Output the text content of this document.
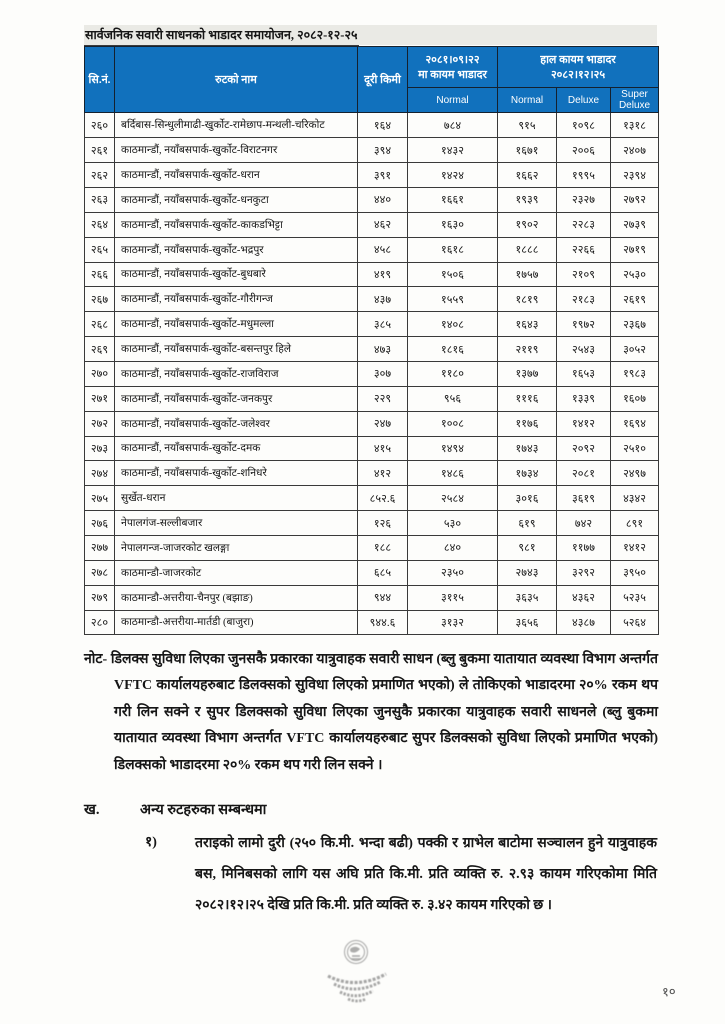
सार्वजनिक सवारी साधनको भाडादर समायोजन, २०८२-१२-२५
सि.नं.	रुटको नाम	दूरी किमी	
२०८१।०९।२२
मा कायम भाडादर

हाल कायम भाडादर
२०८२।१२।२५

			Normal	Normal	Deluxe	Super Deluxe
२६०	बर्दिबास-सिन्धुलीमाढी-खुर्कोट-रामेछाप-मन्थली-चरिकोट	१६४	७८४	९१५	१०९८	१३१८
२६१	काठमान्डौं, नयाँबसपार्क-खुर्कोट-विराटनगर	३९४	१४३२	१६७१	२००६	२४०७
२६२	काठमान्डौं, नयाँबसपार्क-खुर्कोट-धरान	३९१	१४२४	१६६२	१९९५	२३९४
२६३	काठमान्डौं, नयाँबसपार्क-खुर्कोट-धनकुटा	४४०	१६६१	१९३९	२३२७	२७९२
२६४	काठमान्डौं, नयाँबसपार्क-खुर्कोट-काकडभिट्टा	४६२	१६३०	१९०२	२२८३	२७३९
२६५	काठमान्डौं, नयाँबसपार्क-खुर्कोट-भद्रपुर	४५८	१६१८	१८८८	२२६६	२७१९
२६६	काठमान्डौं, नयाँबसपार्क-खुर्कोट-बुधबारे	४१९	१५०६	१७५७	२१०९	२५३०
२६७	काठमान्डौं, नयाँबसपार्क-खुर्कोट-गौरीगन्ज	४३७	१५५९	१८१९	२१८३	२६१९
२६८	काठमान्डौं, नयाँबसपार्क-खुर्कोट-मधुमल्ला	३८५	१४०८	१६४३	१९७२	२३६७
२६९	काठमान्डौं, नयाँबसपार्क-खुर्कोट-बसन्तपुर हिले	४७३	१८१६	२११९	२५४३	३०५२
२७०	काठमान्डौं, नयाँबसपार्क-खुर्कोट-राजविराज	३०७	११८०	१३७७	१६५३	१९८३
२७१	काठमान्डौं, नयाँबसपार्क-खुर्कोट-जनकपुर	२२९	९५६	१११६	१३३९	१६०७
२७२	काठमान्डौं, नयाँबसपार्क-खुर्कोट-जलेश्वर	२४७	१००८	११७६	१४१२	१६९४
२७३	काठमान्डौं, नयाँबसपार्क-खुर्कोट-दमक	४१५	१४९४	१७४३	२०९२	२५१०
२७४	काठमान्डौं, नयाँबसपार्क-खुर्कोट-शनिधरे	४१२	१४८६	१७३४	२०८१	२४९७
२७५	सुर्खेत-धरान	८५२.६	२५८४	३०१६	३६१९	४३४२
२७६	नेपालगंज-सल्लीबजार	१२६	५३०	६१९	७४२	८९१
२७७	नेपालगन्ज-जाजरकोट खलङ्गा	१८८	८४०	९८१	११७७	१४१२
२७८	काठमान्डौ-जाजरकोट	६८५	२३५०	२७४३	३२९२	३९५०
२७९	काठमान्डौ-अत्तरीया-चैनपुर (बझाङ)	९४४	३११५	३६३५	४३६२	५२३५
२८०	काठमान्डौ-अत्तरीया-मार्तडी (बाजुरा)	९४४.६	३१३२	३६५६	४३८७	५२६४

नोट- डिलक्स सुविधा लिएका जुनसकै प्रकारका यात्रुवाहक सवारी साधन (ब्लु बुकमा यातायात व्यवस्था विभाग अन्तर्गत VFTC कार्यालयहरुबाट डिलक्सको सुविधा लिएको प्रमाणित भएको) ले तोकिएको भाडादरमा २०% रकम थप गरी लिन सक्ने र सुपर डिलक्सको सुविधा लिएका जुनसुकै प्रकारका यात्रुवाहक सवारी साधनले (ब्लु बुकमा यातायात व्यवस्था विभाग अन्तर्गत VFTC कार्यालयहरुबाट सुपर डिलक्सको सुविधा लिएको प्रमाणित भएको) डिलक्सको भाडादरमा २०% रकम थप गरी लिन सक्ने ।

ख.	अन्य रुटहरुका सम्बन्धमा
१)	तराइको लामो दुरी (२५० कि.मी. भन्दा बढी) पक्की र ग्राभेल बाटोमा सञ्चालन हुने यात्रुवाहक बस, मिनिबसको लागि यस अघि प्रति कि.मी. प्रति व्यक्ति रु. २.९३ कायम गरिएकोमा मिति २०८२।१२।२५ देखि प्रति कि.मी. प्रति व्यक्ति रु. ३.४२ कायम गरिएको छ ।
१०
